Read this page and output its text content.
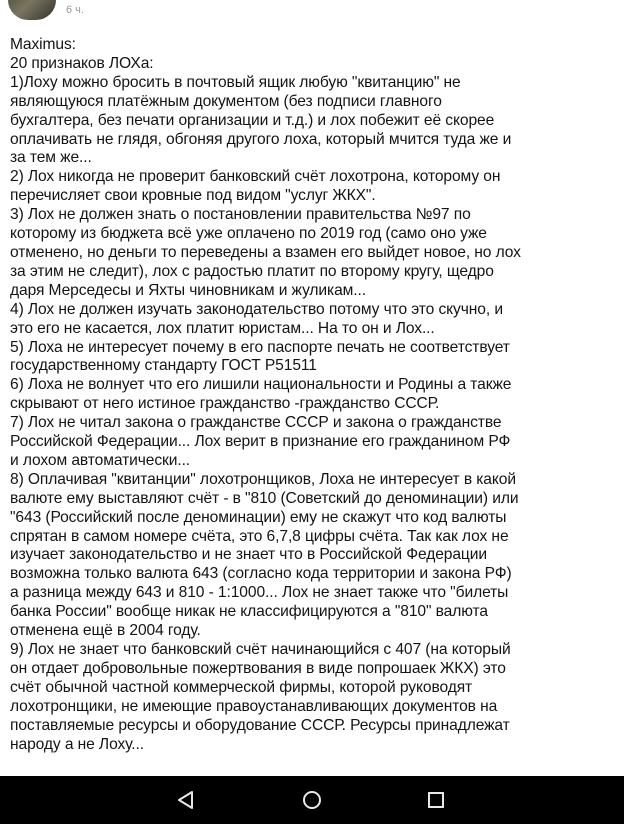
6 ч.
Maximus:
20 признаков ЛОХа:
1)Лоху можно бросить в почтовый ящик любую "квитанцию" не
являющуюся платёжным документом (без подписи главного
бухгалтера, без печати организации и т.д.) и лох побежит её скорее
оплачивать не глядя, обгоняя другого лоха, который мчится туда же и
за тем же...
2) Лох никогда не проверит банковский счёт лохотрона, которому он
перечисляет свои кровные под видом "услуг ЖКХ".
3) Лох не должен знать о постановлении правительства №97 по
которому из бюджета всё уже оплачено по 2019 год (само оно уже
отменено, но деньги то переведены а взамен его выйдет новое, но лох
за этим не следит), лох с радостью платит по второму кругу, щедро
даря Мерседесы и Яхты чиновникам и жуликам...
4) Лох не должен изучать законодательство потому что это скучно, и
это его не касается, лох платит юристам... На то он и Лох...
5) Лоха не интересует почему в его паспорте печать не соответствует
государственному стандарту ГОСТ Р51511
6) Лоха не волнует что его лишили национальности и Родины а также
скрывают от него истиное гражданство -гражданство СССР.
7) Лох не читал закона о гражданстве СССР и закона о гражданстве
Российской Федерации... Лох верит в признание его гражданином РФ
и лохом автоматически...
8) Оплачивая "квитанции" лохотронщиков, Лоха не интересует в какой
валюте ему выставляют счёт - в "810 (Советский до деноминации) или
"643 (Российский после деноминации) ему не скажут что код валюты
спрятан в самом номере счёта, это 6,7,8 цифры счёта. Так как лох не
изучает законодательство и не знает что в Российской Федерации
возможна только валюта 643 (согласно кода территории и закона РФ)
а разница между 643 и 810 - 1:1000... Лох не знает также что "билеты
банка России" вообще никак не классифицируются а "810" валюта
отменена ещё в 2004 году.
9) Лох не знает что банковский счёт начинающийся с 407 (на который
он отдает добровольные пожертвования в виде попрошаек ЖКХ) это
счёт обычной частной коммерческой фирмы, которой руководят
лохотронщики, не имеющие правоустанавливающих документов на
поставляемые ресурсы и оборудование СССР. Ресурсы принадлежат
народу а не Лоху...
